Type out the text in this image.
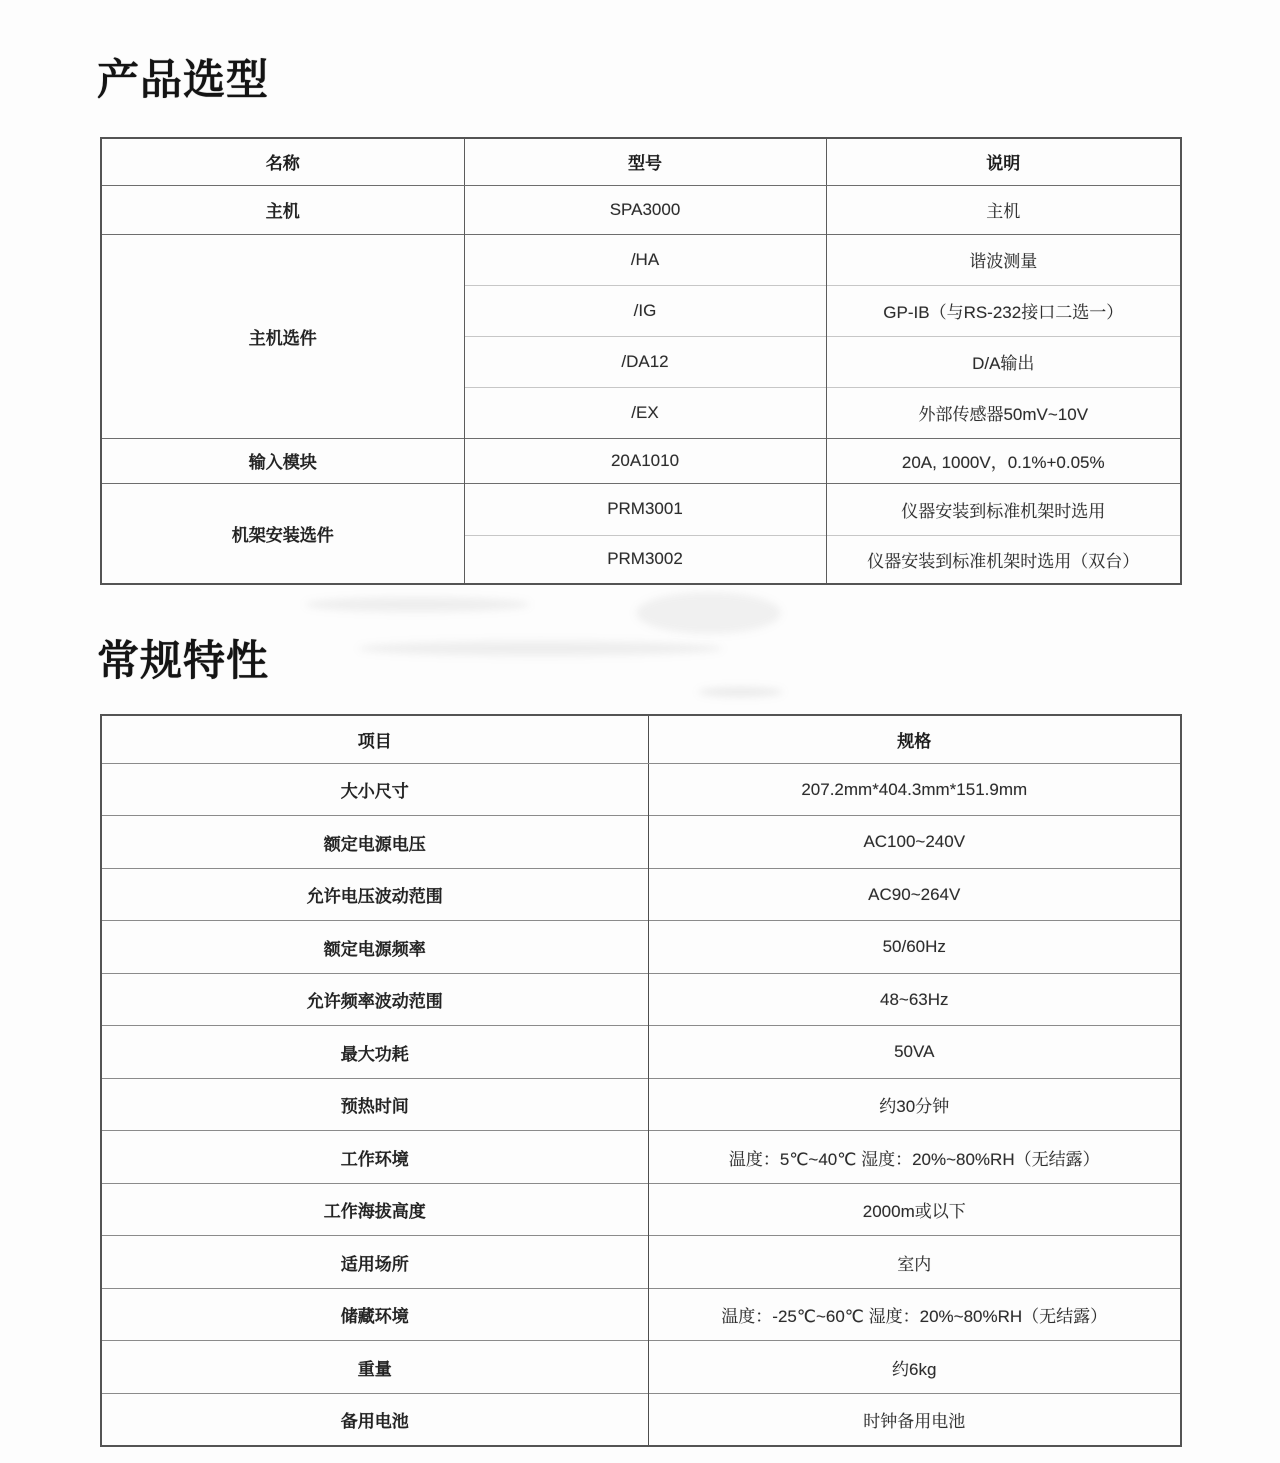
产品选型
名称	型号	说明
主机	SPA3000	主机
主机选件	/HA	谐波测量
	/IG	GP-IB（与RS-232接口二选一）
	/DA12	D/A输出
	/EX	外部传感器50mV~10V
输入模块	20A1010	20A, 1000V，0.1%+0.05%
机架安装选件	PRM3001	仪器安装到标准机架时选用
	PRM3002	仪器安装到标准机架时选用（双台）
常规特性
项目	规格
大小尺寸	207.2mm*404.3mm*151.9mm
额定电源电压	AC100~240V
允许电压波动范围	AC90~264V
额定电源频率	50/60Hz
允许频率波动范围	48~63Hz
最大功耗	50VA
预热时间	约30分钟
工作环境	温度：5℃~40℃ 湿度：20%~80%RH（无结露）
工作海拔高度	2000m或以下
适用场所	室内
储藏环境	温度：-25℃~60℃ 湿度：20%~80%RH（无结露）
重量	约6kg
备用电池	时钟备用电池
